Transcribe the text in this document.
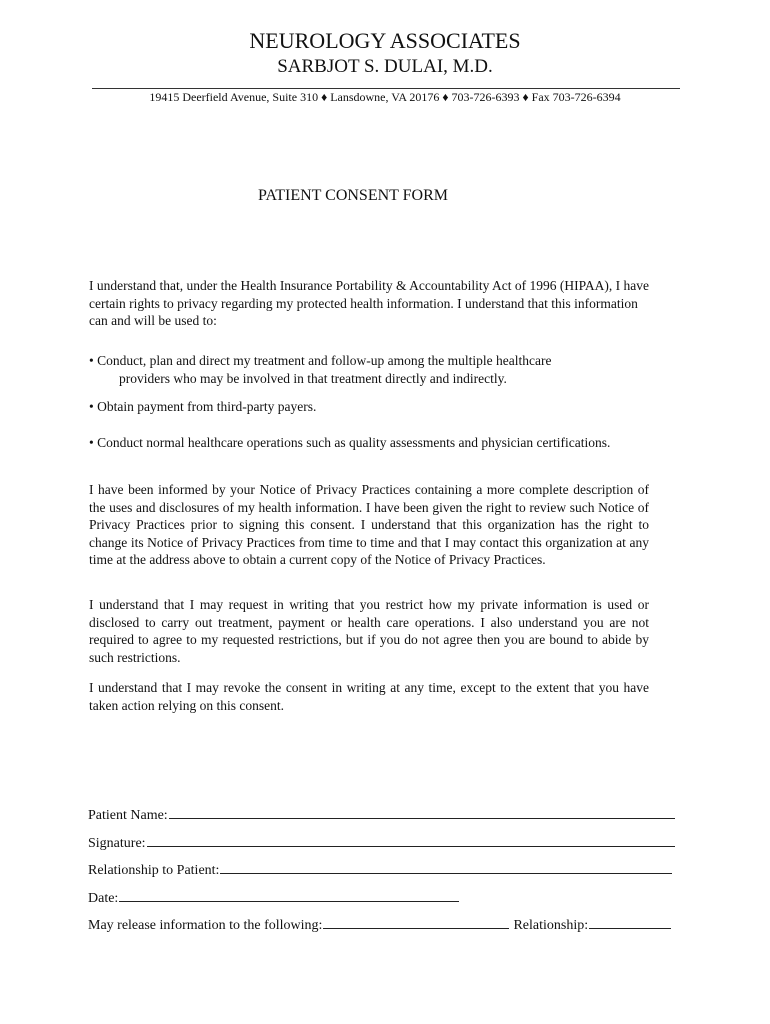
NEUROLOGY ASSOCIATES
SARBJOT S. DULAI, M.D.
19415 Deerfield Avenue, Suite 310 ♦ Lansdowne, VA 20176 ♦ 703-726-6393 ♦ Fax 703-726-6394
PATIENT CONSENT FORM
I understand that, under the Health Insurance Portability & Accountability Act of 1996 (HIPAA), I have certain rights to privacy regarding my protected health information. I understand that this information can and will be used to:
• Conduct, plan and direct my treatment and follow-up among the multiple healthcare
providers who may be involved in that treatment directly and indirectly.
• Obtain payment from third-party payers.
• Conduct normal healthcare operations such as quality assessments and physician certifications.
I have been informed by your Notice of Privacy Practices containing a more complete description of the uses and disclosures of my health information. I have been given the right to review such Notice of Privacy Practices prior to signing this consent. I understand that this organization has the right to change its Notice of Privacy Practices from time to time and that I may contact this organization at any time at the address above to obtain a current copy of the Notice of Privacy Practices.
I understand that I may request in writing that you restrict how my private information is used or disclosed to carry out treatment, payment or health care operations. I also understand you are not required to agree to my requested restrictions, but if you do not agree then you are bound to abide by such restrictions.
I understand that I may revoke the consent in writing at any time, except to the extent that you have taken action relying on this consent.
Patient Name:
Signature:
Relationship to Patient:
Date:
May release information to the following:	Relationship:
